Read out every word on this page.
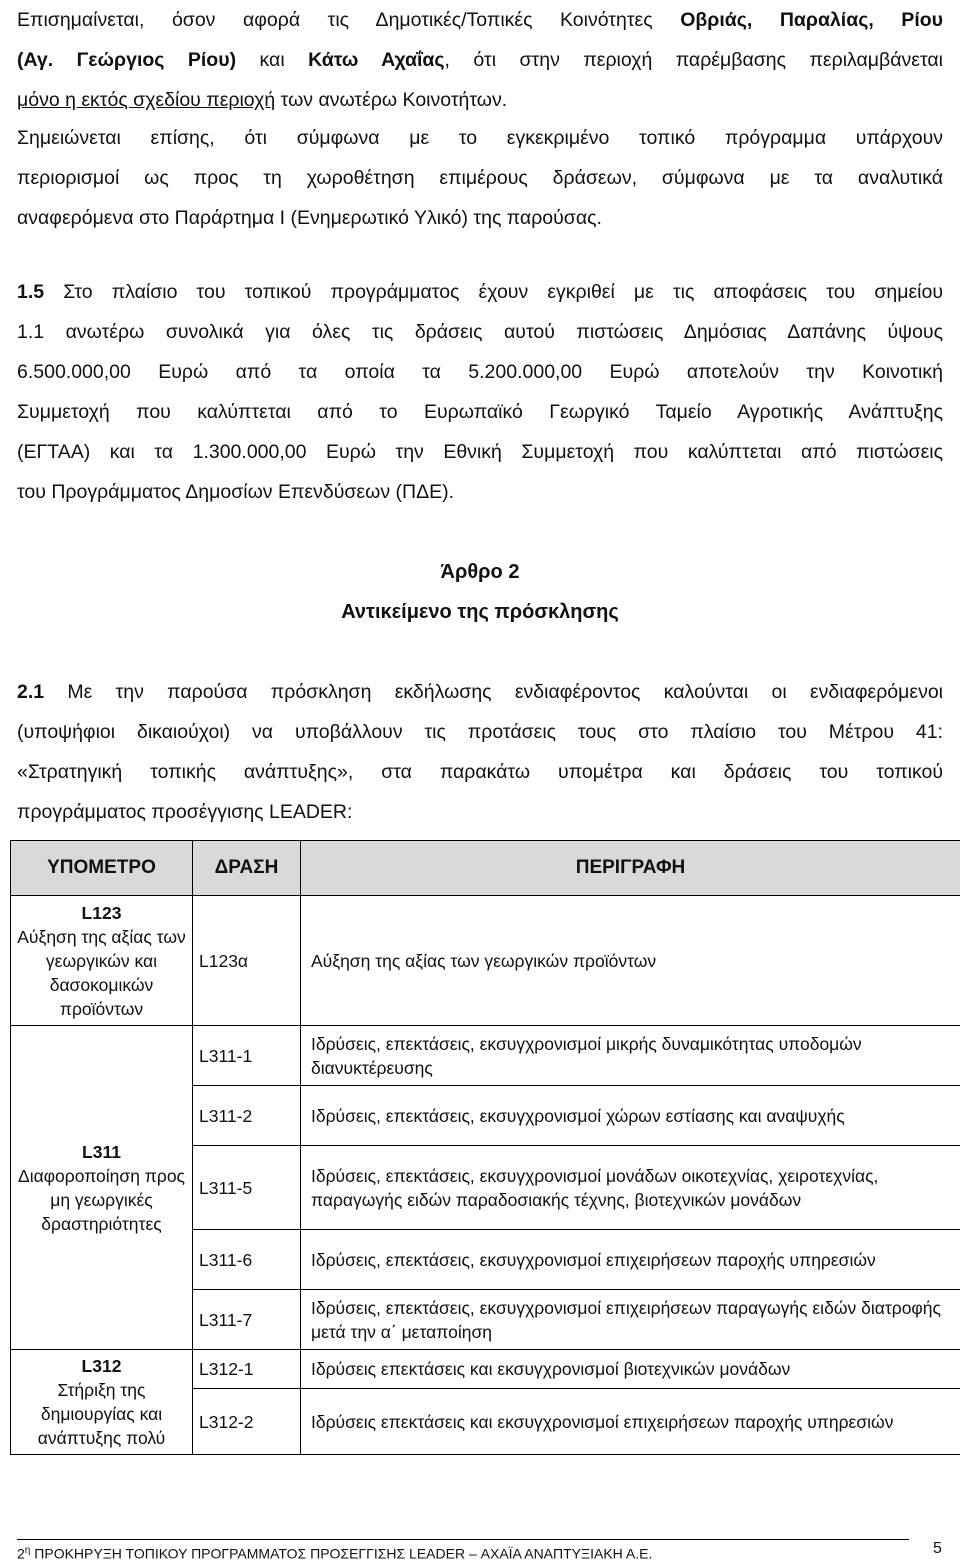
Επισημαίνεται, όσον αφορά τις Δημοτικές/Τοπικές Κοινότητες Οβριάς, Παραλίας, Ρίου
(Αγ. Γεώργιος Ρίου) και Κάτω Αχαΐας, ότι στην περιοχή παρέμβασης περιλαμβάνεται
μόνο η εκτός σχεδίου περιοχή των ανωτέρω Κοινοτήτων.
Σημειώνεται επίσης, ότι σύμφωνα με το εγκεκριμένο τοπικό πρόγραμμα υπάρχουν
περιορισμοί ως προς τη χωροθέτηση επιμέρους δράσεων, σύμφωνα με τα αναλυτικά
αναφερόμενα στο Παράρτημα Ι (Ενημερωτικό Υλικό) της παρούσας.
1.5 Στο πλαίσιο του τοπικού προγράμματος έχουν εγκριθεί με τις αποφάσεις του σημείου
1.1 ανωτέρω συνολικά για όλες τις δράσεις αυτού πιστώσεις Δημόσιας Δαπάνης ύψους
6.500.000,00 Ευρώ από τα οποία τα 5.200.000,00 Ευρώ αποτελούν την Κοινοτική
Συμμετοχή που καλύπτεται από το Ευρωπαϊκό Γεωργικό Ταμείο Αγροτικής Ανάπτυξης
(ΕΓΤΑΑ) και τα 1.300.000,00 Ευρώ την Εθνική Συμμετοχή που καλύπτεται από πιστώσεις
του Προγράμματος Δημοσίων Επενδύσεων (ΠΔΕ).
Άρθρο 2
Αντικείμενο της πρόσκλησης
2.1 Με την παρούσα πρόσκληση εκδήλωσης ενδιαφέροντος καλούνται οι ενδιαφερόμενοι
(υποψήφιοι δικαιούχοι) να υποβάλλουν τις προτάσεις τους στο πλαίσιο του Μέτρου 41:
«Στρατηγική τοπικής ανάπτυξης», στα παρακάτω υπομέτρα και δράσεις του τοπικού
προγράμματος προσέγγισης LEADER:
ΥΠΟΜΕΤΡΟ	ΔΡΑΣΗ	ΠΕΡΙΓΡΑΦΗ

L123
Αύξηση της αξίας των γεωργικών και δασοκομικών προϊόντων	L123α	Αύξηση της αξίας των γεωργικών προϊόντων

L311
Διαφοροποίηση προς μη γεωργικές δραστηριότητες	L311-1	Ιδρύσεις, επεκτάσεις, εκσυγχρονισμοί μικρής δυναμικότητας υποδομών διανυκτέρευσης
	L311-2	Ιδρύσεις, επεκτάσεις, εκσυγχρονισμοί χώρων εστίασης και αναψυχής
	L311-5	Ιδρύσεις, επεκτάσεις, εκσυγχρονισμοί μονάδων οικοτεχνίας, χειροτεχνίας, παραγωγής ειδών παραδοσιακής τέχνης, βιοτεχνικών μονάδων
	L311-6	Ιδρύσεις, επεκτάσεις, εκσυγχρονισμοί επιχειρήσεων παροχής υπηρεσιών
	L311-7	Ιδρύσεις, επεκτάσεις, εκσυγχρονισμοί επιχειρήσεων παραγωγής ειδών διατροφής μετά την α΄ μεταποίηση

L312
Στήριξη της δημιουργίας και ανάπτυξης πολύ	L312-1	Ιδρύσεις επεκτάσεις και εκσυγχρονισμοί βιοτεχνικών μονάδων
	L312-2	Ιδρύσεις επεκτάσεις και εκσυγχρονισμοί επιχειρήσεων παροχής υπηρεσιών
$2^\eta$ ΠΡΟΚΗΡΥΞΗ ΤΟΠΙΚΟΥ ΠΡΟΓΡΑΜΜΑΤΟΣ ΠΡΟΣΕΓΓΙΣΗΣ LEADER – ΑΧΑΪΑ ΑΝΑΠΤΥΞΙΑΚΗ Α.Ε.	5
